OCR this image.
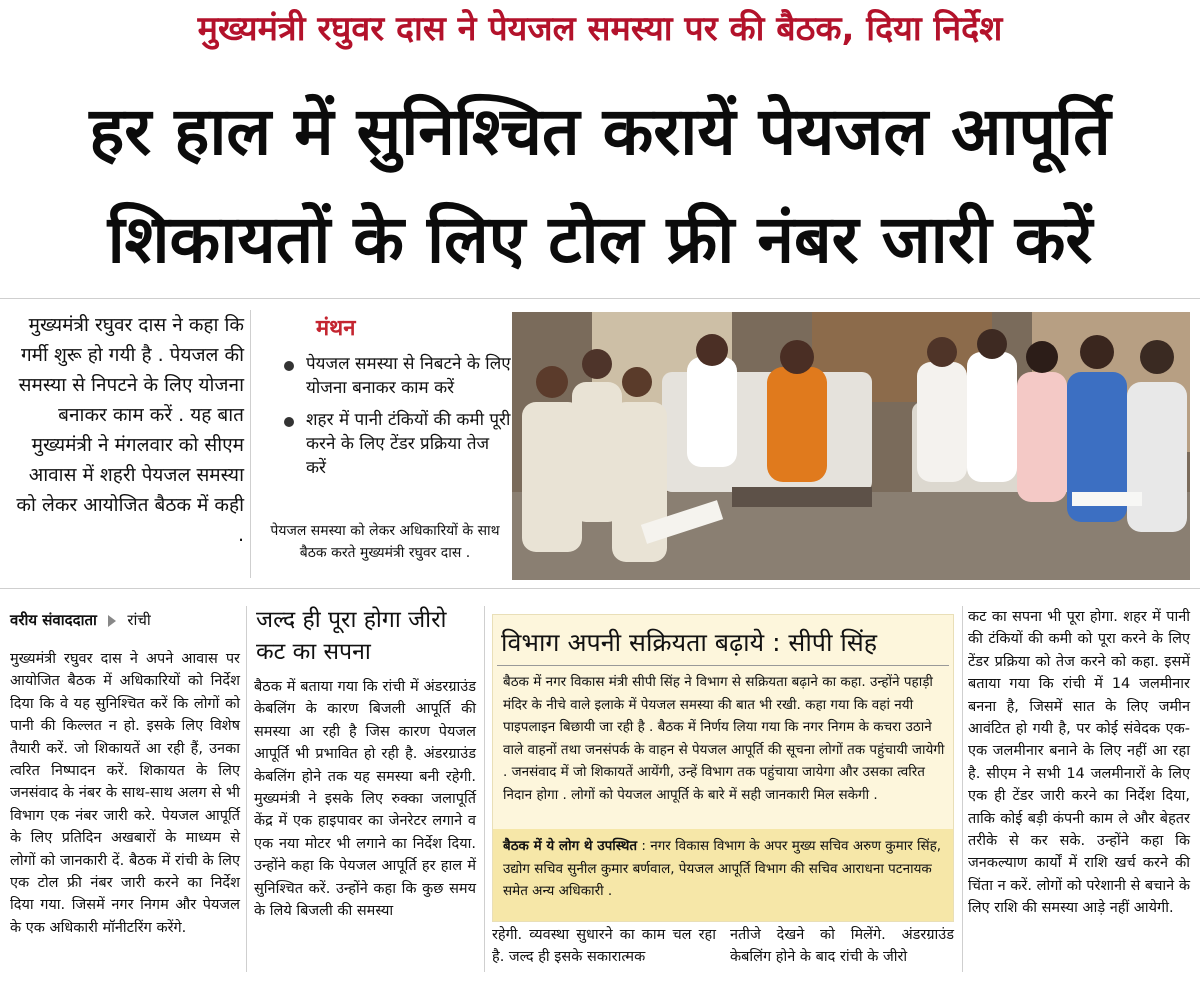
मुख्यमंत्री रघुवर दास ने पेयजल समस्या पर की बैठक, दिया निर्देश
हर हाल में सुनिश्चित करायें पेयजल आपूर्ति
शिकायतों के लिए टोल फ्री नंबर जारी करें
मुख्यमंत्री रघुवर दास ने कहा कि गर्मी शुरू हो गयी है . पेयजल की समस्या से निपटने के लिए योजना बनाकर काम करें . यह बात मुख्यमंत्री ने मंगलवार को सीएम आवास में शहरी पेयजल समस्या को लेकर आयोजित बैठक में कही .
मंथन
पेयजल समस्या से निबटने के लिए योजना बनाकर काम करें
शहर में पानी टंकियों की कमी पूरी करने के लिए टेंडर प्रक्रिया तेज करें
पेयजल समस्या को लेकर अधिकारियों के साथ बैठक करते मुख्यमंत्री रघुवर दास .
वरीय संवाददाता रांची
मुख्यमंत्री रघुवर दास ने अपने आवास पर आयोजित बैठक में अधिकारियों को निर्देश दिया कि वे यह सुनिश्चित करें कि लोगों को पानी की किल्लत न हो. इसके लिए विशेष तैयारी करें. जो शिकायतें आ रही हैं, उनका त्वरित निष्पादन करें. शिकायत के लिए जनसंवाद के नंबर के साथ-साथ अलग से भी विभाग एक नंबर जारी करे. पेयजल आपूर्ति के लिए प्रतिदिन अखबारों के माध्यम से लोगों को जानकारी दें. बैठक में रांची के लिए एक टोल फ्री नंबर जारी करने का निर्देश दिया गया. जिसमें नगर निगम और पेयजल के एक अधिकारी मॉनीटरिंग करेंगे.
जल्द ही पूरा होगा जीरो कट का सपना
बैठक में बताया गया कि रांची में अंडरग्राउंड केबलिंग के कारण बिजली आपूर्ति की समस्या आ रही है जिस कारण पेयजल आपूर्ति भी प्रभावित हो रही है. अंडरग्राउंड केबलिंग होने तक यह समस्या बनी रहेगी. मुख्यमंत्री ने इसके लिए रुक्का जलापूर्ति केंद्र में एक हाइपावर का जेनरेटर लगाने व एक नया मोटर भी लगाने का निर्देश दिया. उन्होंने कहा कि पेयजल आपूर्ति हर हाल में सुनिश्चित करें. उन्होंने कहा कि कुछ समय के लिये बिजली की समस्या
विभाग अपनी सक्रियता बढ़ाये : सीपी सिंह
बैठक में नगर विकास मंत्री सीपी सिंह ने विभाग से सक्रियता बढ़ाने का कहा. उन्होंने पहाड़ी मंदिर के नीचे वाले इलाके में पेयजल समस्या की बात भी रखी. कहा गया कि वहां नयी पाइपलाइन बिछायी जा रही है . बैठक में निर्णय लिया गया कि नगर निगम के कचरा उठाने वाले वाहनों तथा जनसंपर्क के वाहन से पेयजल आपूर्ति की सूचना लोगों तक पहुंचायी जायेगी . जनसंवाद में जो शिकायतें आयेंगी, उन्हें विभाग तक पहुंचाया जायेगा और उसका त्वरित निदान होगा . लोगों को पेयजल आपूर्ति के बारे में सही जानकारी मिल सकेगी .
बैठक में ये लोग थे उपस्थित : नगर विकास विभाग के अपर मुख्य सचिव अरुण कुमार सिंह, उद्योग सचिव सुनील कुमार बर्णवाल, पेयजल आपूर्ति विभाग की सचिव आराधना पटनायक समेत अन्य अधिकारी .
रहेगी. व्यवस्था सुधारने का काम चल रहा है. जल्द ही इसके सकारात्मक
नतीजे देखने को मिलेंगे. अंडरग्राउंड केबलिंग होने के बाद रांची के जीरो
कट का सपना भी पूरा होगा. शहर में पानी की टंकियों की कमी को पूरा करने के लिए टेंडर प्रक्रिया को तेज करने को कहा. इसमें बताया गया कि रांची में 14 जलमीनार बनना है, जिसमें सात के लिए जमीन आवंटित हो गयी है, पर कोई संवेदक एक-एक जलमीनार बनाने के लिए नहीं आ रहा है. सीएम ने सभी 14 जलमीनारों के लिए एक ही टेंडर जारी करने का निर्देश दिया, ताकि कोई बड़ी कंपनी काम ले और बेहतर तरीके से कर सके. उन्होंने कहा कि जनकल्याण कार्यों में राशि खर्च करने की चिंता न करें. लोगों को परेशानी से बचाने के लिए राशि की समस्या आड़े नहीं आयेगी.
